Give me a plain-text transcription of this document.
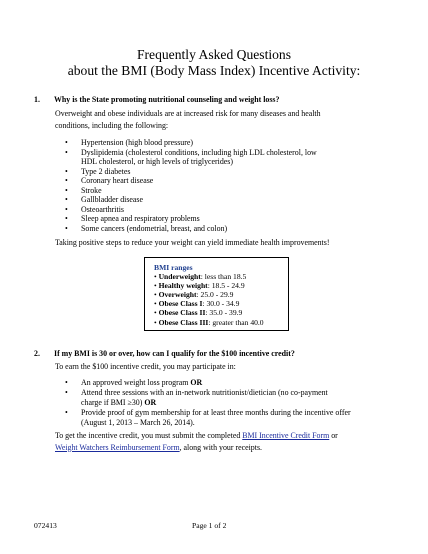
Frequently Asked Questions
about the BMI (Body Mass Index) Incentive Activity:
1. Why is the State promoting nutritional counseling and weight loss?
Overweight and obese individuals are at increased risk for many diseases and health
conditions, including the following:
• Hypertension (high blood pressure)
• Dyslipidemia (cholesterol conditions, including high LDL cholesterol, low
HDL cholesterol, or high levels of triglycerides)
• Type 2 diabetes
• Coronary heart disease
• Stroke
• Gallbladder disease
• Osteoarthritis
• Sleep apnea and respiratory problems
• Some cancers (endometrial, breast, and colon)
Taking positive steps to reduce your weight can yield immediate health improvements!
BMI ranges
• Underweight: less than 18.5
• Healthy weight: 18.5 - 24.9
• Overweight: 25.0 - 29.9
• Obese Class I: 30.0 - 34.9
• Obese Class II: 35.0 - 39.9
• Obese Class III: greater than 40.0
2. If my BMI is 30 or over, how can I qualify for the $100 incentive credit?
To earn the $100 incentive credit, you may participate in:
• An approved weight loss program OR
• Attend three sessions with an in-network nutritionist/dietician (no co-payment
charge if BMI ≥30) OR
• Provide proof of gym membership for at least three months during the incentive offer
(August 1, 2013 – March 26, 2014).
To get the incentive credit, you must submit the completed BMI Incentive Credit Form or
Weight Watchers Reimbursement Form, along with your receipts.
072413	Page 1 of 2
